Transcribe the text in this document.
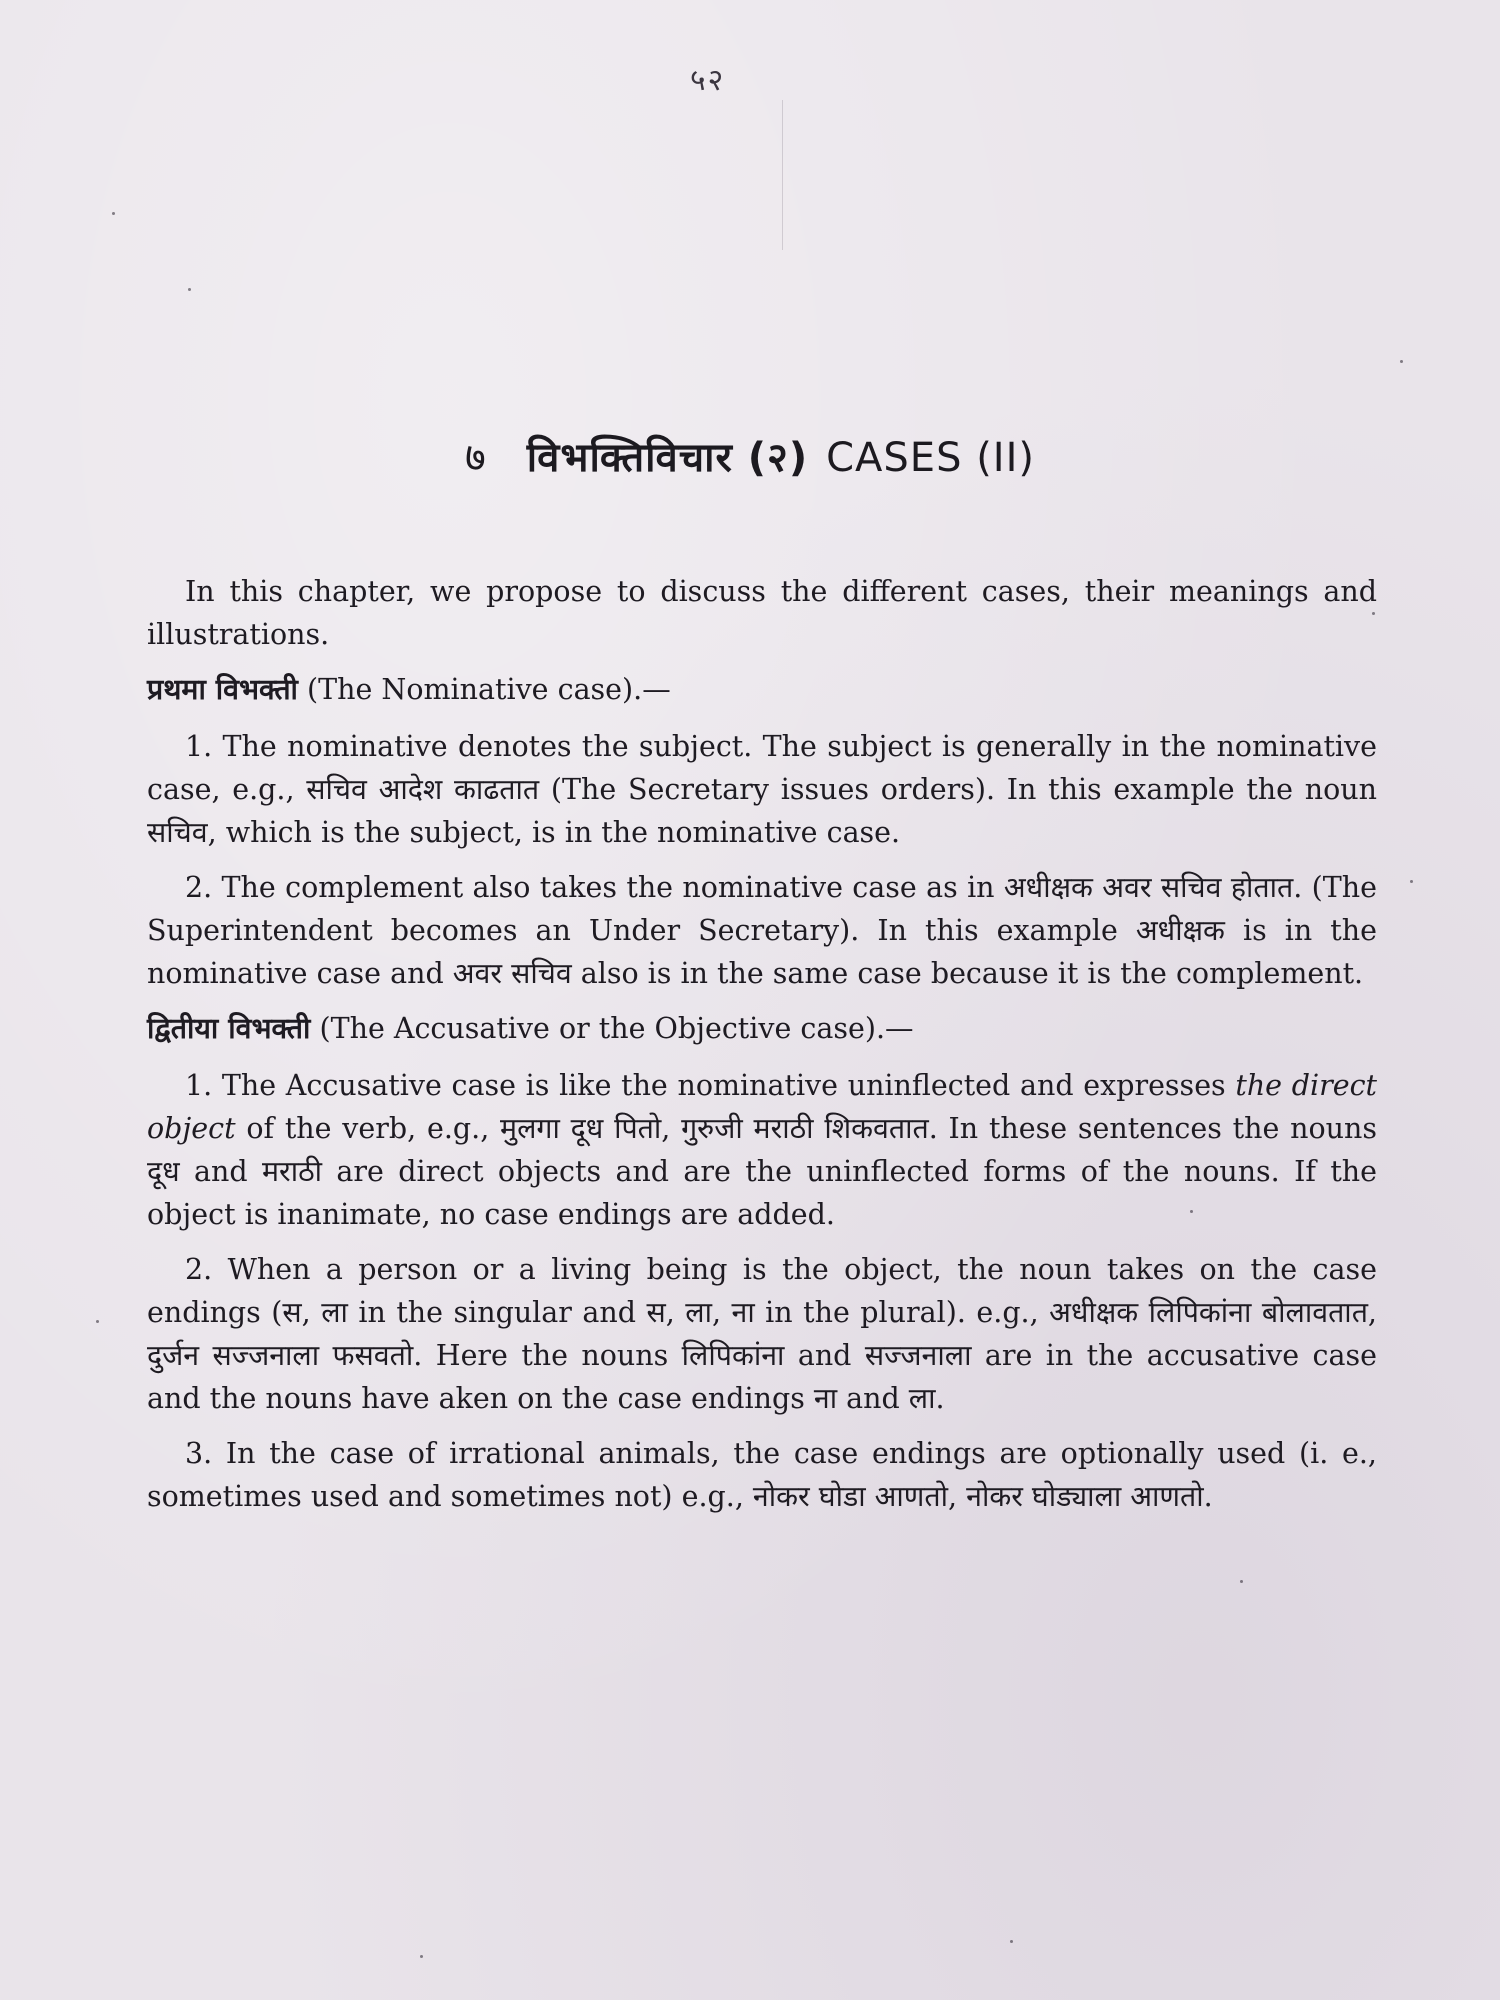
५२
७ विभक्तिविचार (२) CASES (II)

In this chapter, we propose to discuss the different cases, their meanings and illustrations.

प्रथमा विभक्ती (The Nominative case).—

1. The nominative denotes the subject. The subject is generally in the nominative case, e.g., सचिव आदेश काढतात (The Secretary issues orders). In this example the noun सचिव, which is the subject, is in the nominative case.

2. The complement also takes the nominative case as in अधीक्षक अवर सचिव होतात. (The Superintendent becomes an Under Secretary). In this example अधीक्षक is in the nominative case and अवर सचिव also is in the same case because it is the complement.

द्वितीया विभक्ती (The Accusative or the Objective case).—

1. The Accusative case is like the nominative uninflected and expresses the direct object of the verb, e.g., मुलगा दूध पितो, गुरुजी मराठी शिकवतात. In these sentences the nouns दूध and मराठी are direct objects and are the uninflected forms of the nouns. If the object is inanimate, no case endings are added.

2. When a person or a living being is the object, the noun takes on the case endings (स, ला in the singular and स, ला, ना in the plural). e.g., अधीक्षक लिपिकांना बोलावतात, दुर्जन सज्जनाला फसवतो. Here the nouns लिपिकांना and सज्जनाला are in the accusative case and the nouns have aken on the case endings ना and ला.

3. In the case of irrational animals, the case endings are optionally used (i. e., sometimes used and sometimes not) e.g., नोकर घोडा आणतो, नोकर घोड्याला आणतो.
